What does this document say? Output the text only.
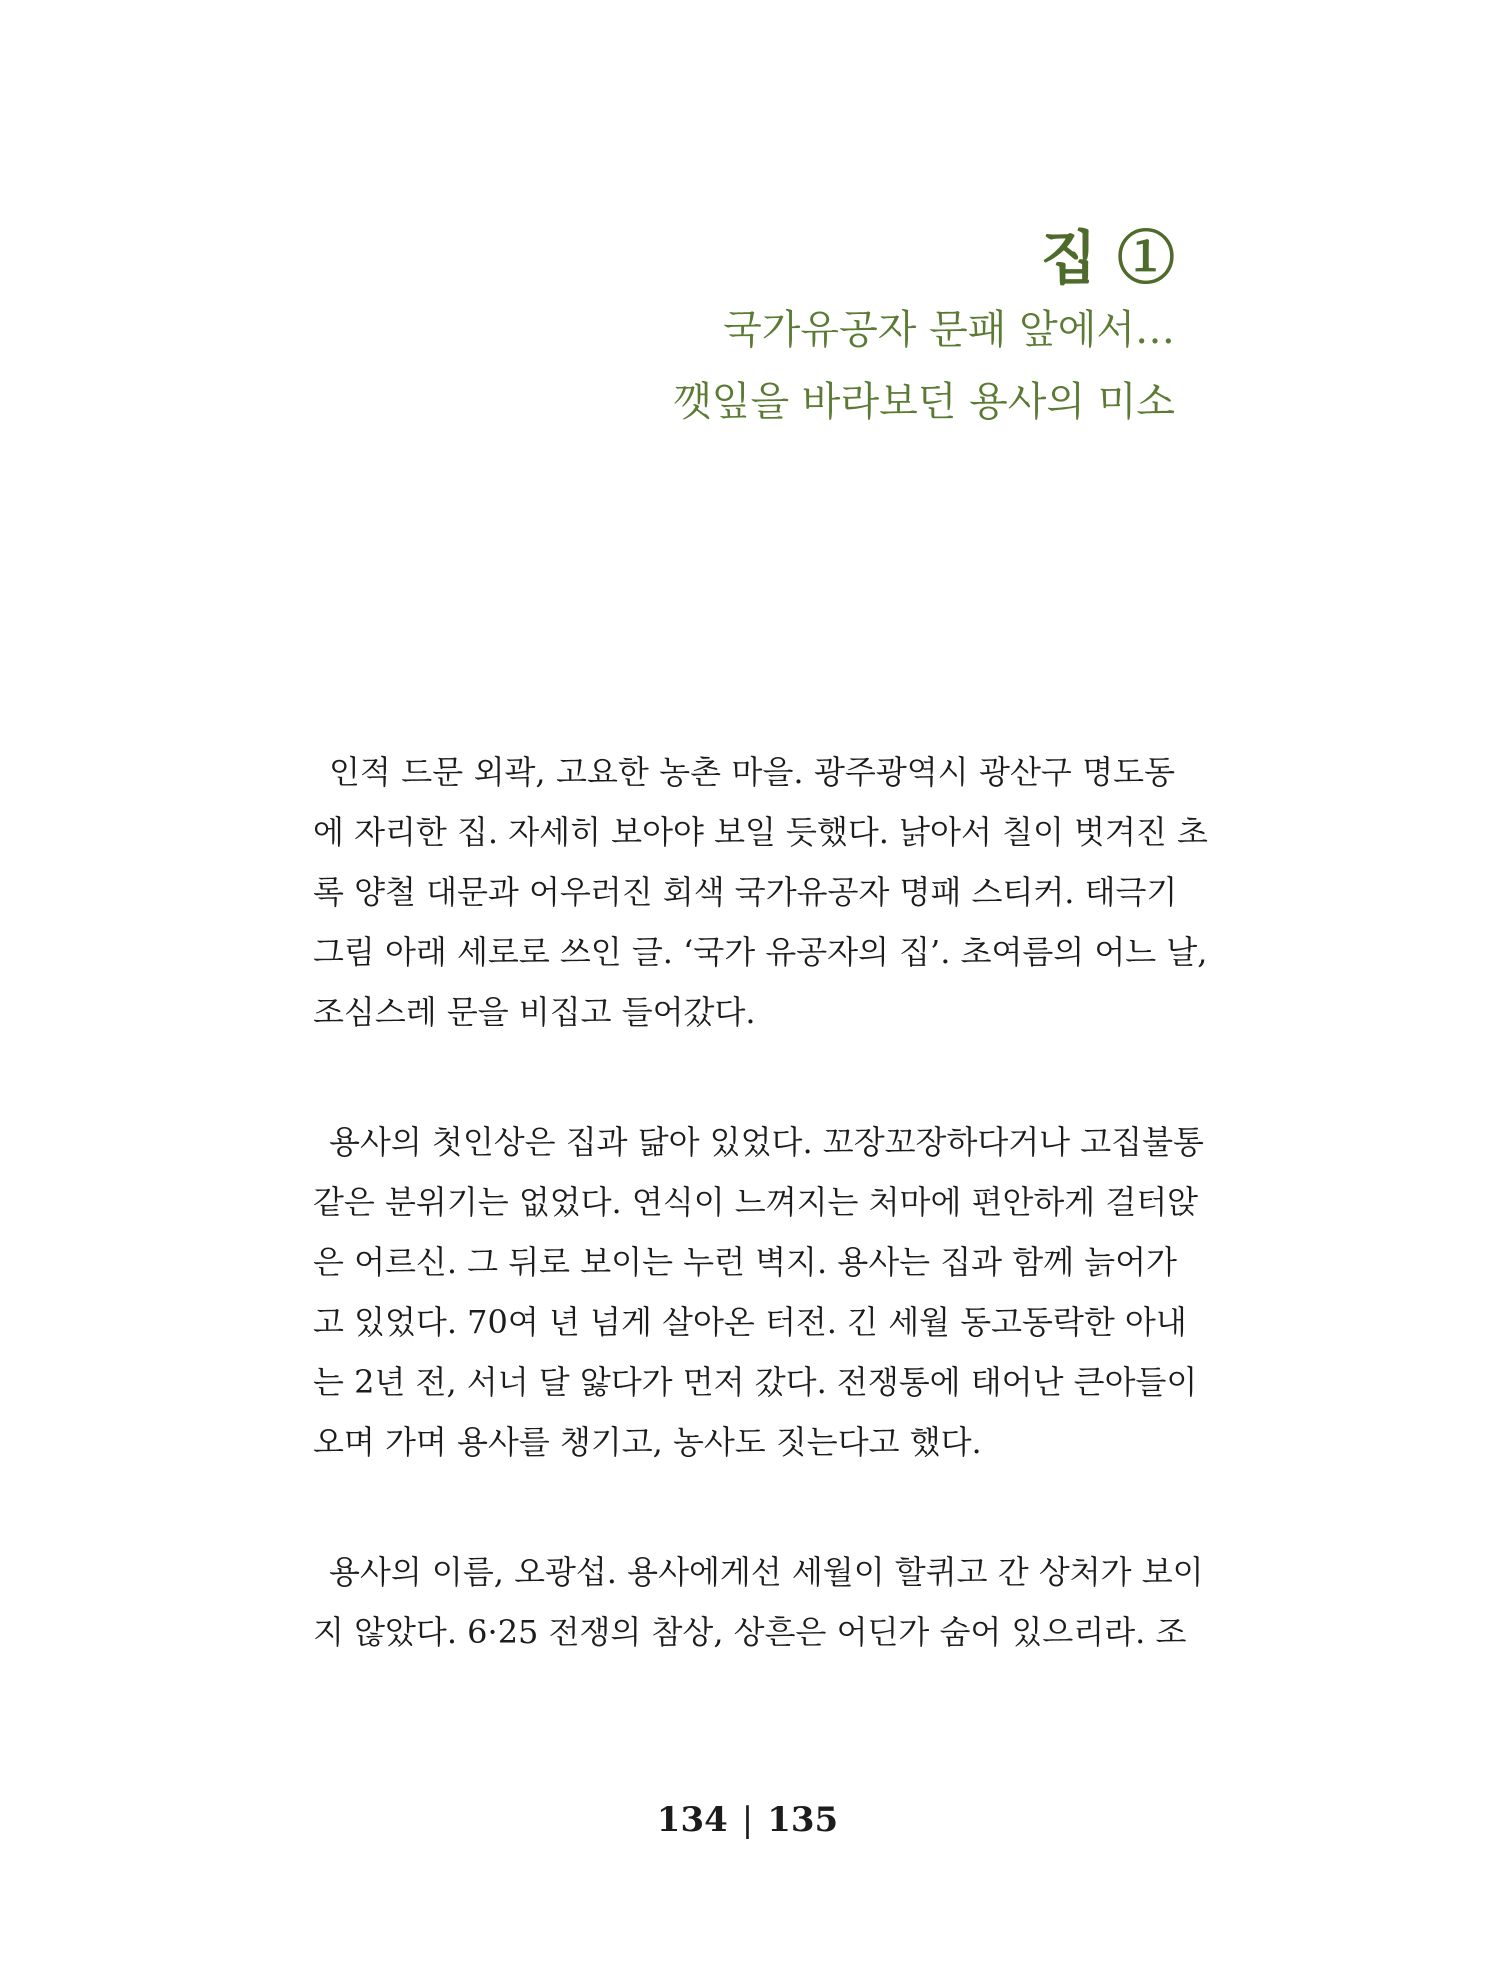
집 ①
국가유공자 문패 앞에서…
깻잎을 바라보던 용사의 미소
인적 드문 외곽, 고요한 농촌 마을. 광주광역시 광산구 명도동
에 자리한 집. 자세히 보아야 보일 듯했다. 낡아서 칠이 벗겨진 초
록 양철 대문과 어우러진 회색 국가유공자 명패 스티커. 태극기
그림 아래 세로로 쓰인 글. ‘국가 유공자의 집’. 초여름의 어느 날,
조심스레 문을 비집고 들어갔다.
용사의 첫인상은 집과 닮아 있었다. 꼬장꼬장하다거나 고집불통
같은 분위기는 없었다. 연식이 느껴지는 처마에 편안하게 걸터앉
은 어르신. 그 뒤로 보이는 누런 벽지. 용사는 집과 함께 늙어가
고 있었다. 70여 년 넘게 살아온 터전. 긴 세월 동고동락한 아내
는 2년 전, 서너 달 앓다가 먼저 갔다. 전쟁통에 태어난 큰아들이
오며 가며 용사를 챙기고, 농사도 짓는다고 했다.
용사의 이름, 오광섭. 용사에게선 세월이 할퀴고 간 상처가 보이
지 않았다. 6·25 전쟁의 참상, 상흔은 어딘가 숨어 있으리라. 조
134 | 135
